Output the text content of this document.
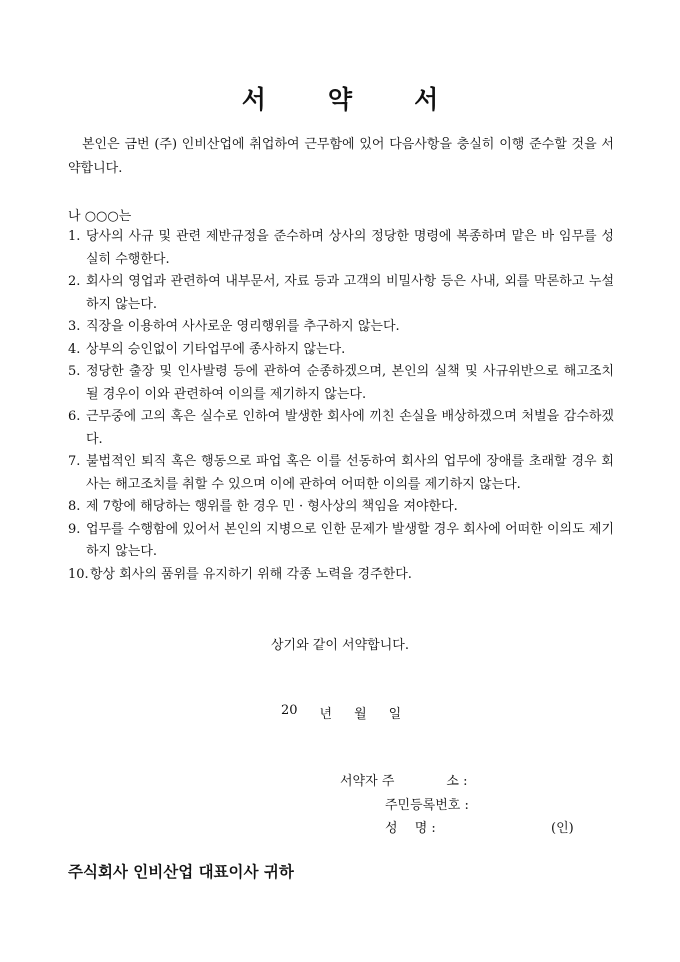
서 약 서
본인은 금번 (주) 인비산업에 취업하여 근무함에 있어 다음사항을 충실히 이행 준수할 것을 서약합니다.
나 ○○○는
1. 당사의 사규 및 관련 제반규정을 준수하며 상사의 정당한 명령에 복종하며 맡은 바 임무를 성실히 수행한다.
2. 회사의 영업과 관련하여 내부문서, 자료 등과 고객의 비밀사항 등은 사내, 외를 막론하고 누설하지 않는다.
3. 직장을 이용하여 사사로운 영리행위를 추구하지 않는다.
4. 상부의 승인없이 기타업무에 종사하지 않는다.
5. 정당한 출장 및 인사발령 등에 관하여 순종하겠으며, 본인의 실책 및 사규위반으로 해고조치 될 경우이 이와 관련하여 이의를 제기하지 않는다.
6. 근무중에 고의 혹은 실수로 인하여 발생한 회사에 끼친 손실을 배상하겠으며 처벌을 감수하겠다.
7. 불법적인 퇴직 혹은 행동으로 파업 혹은 이를 선동하여 회사의 업무에 장애를 초래할 경우 회사는 해고조치를 취할 수 있으며 이에 관하여 어떠한 이의를 제기하지 않는다.
8. 제 7항에 해당하는 행위를 한 경우 민 · 형사상의 책임을 져야한다.
9. 업무를 수행함에 있어서 본인의 지병으로 인한 문제가 발생할 경우 회사에 어떠한 이의도 제기하지 않는다.
10. 항상 회사의 품위를 유지하기 위해 각종 노력을 경주한다.
상기와 같이 서약합니다.
20 년 월 일
서약자 주　　　　소 :
주민등록번호 :
성　 명 :	(인)
주식회사 인비산업 대표이사 귀하
